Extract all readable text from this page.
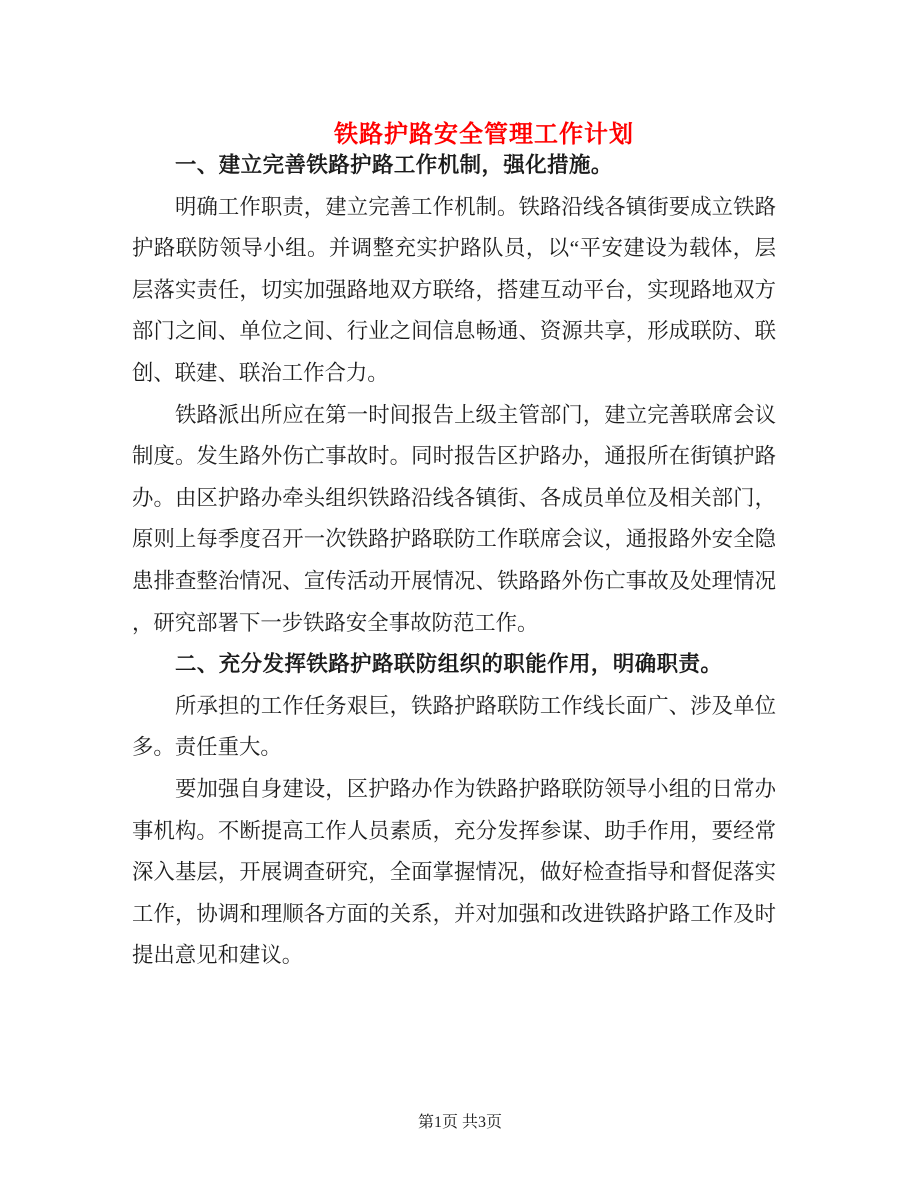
铁路护路安全管理工作计划
一、建立完善铁路护路工作机制，强化措施。
明确工作职责，建立完善工作机制。铁路沿线各镇街要成立铁路
护路联防领导小组。并调整充实护路队员，以“平安建设为载体，层
层落实责任，切实加强路地双方联络，搭建互动平台，实现路地双方
部门之间、单位之间、行业之间信息畅通、资源共享，形成联防、联
创、联建、联治工作合力。
铁路派出所应在第一时间报告上级主管部门，建立完善联席会议
制度。发生路外伤亡事故时。同时报告区护路办，通报所在街镇护路
办。由区护路办牵头组织铁路沿线各镇街、各成员单位及相关部门，
原则上每季度召开一次铁路护路联防工作联席会议，通报路外安全隐
患排查整治情况、宣传活动开展情况、铁路路外伤亡事故及处理情况
，研究部署下一步铁路安全事故防范工作。
二、充分发挥铁路护路联防组织的职能作用，明确职责。
所承担的工作任务艰巨，铁路护路联防工作线长面广、涉及单位
多。责任重大。
要加强自身建设，区护路办作为铁路护路联防领导小组的日常办
事机构。不断提高工作人员素质，充分发挥参谋、助手作用，要经常
深入基层，开展调查研究，全面掌握情况，做好检查指导和督促落实
工作，协调和理顺各方面的关系，并对加强和改进铁路护路工作及时
提出意见和建议。
第1页 共3页
